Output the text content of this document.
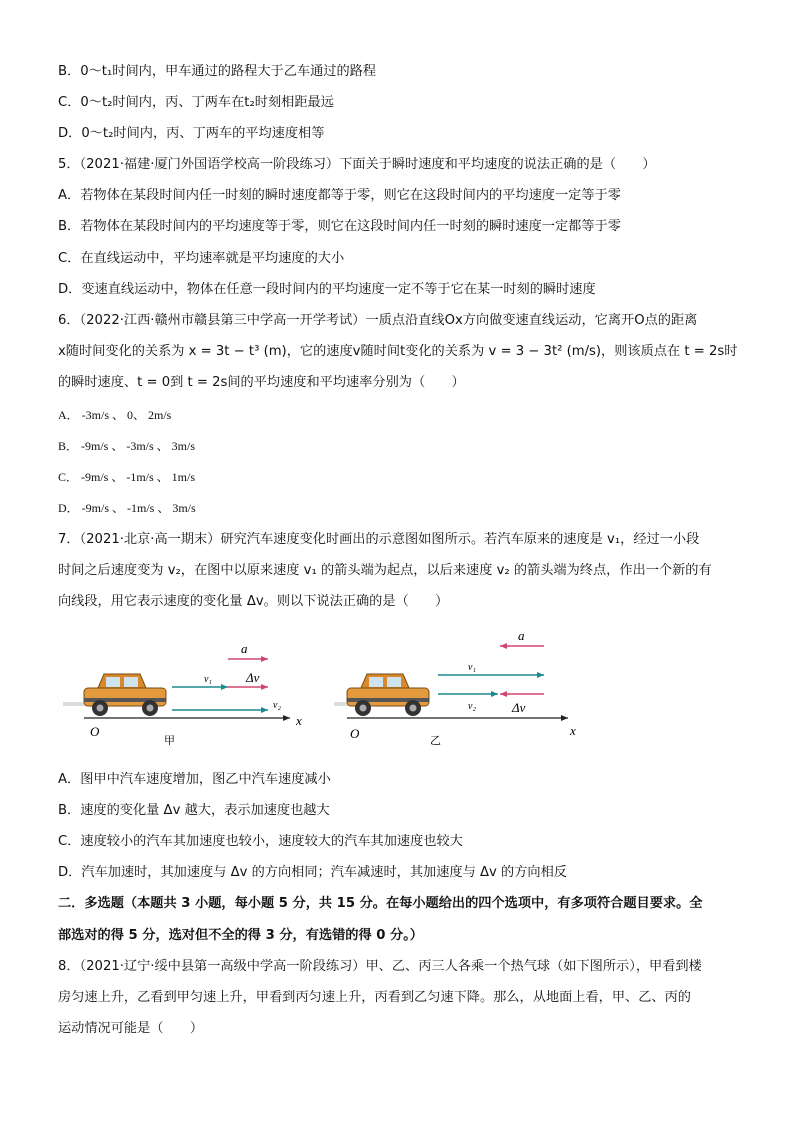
B．0～t₁时间内，甲车通过的路程大于乙车通过的路程
C．0～t₂时间内，丙、丁两车在t₂时刻相距最远
D．0～t₂时间内，丙、丁两车的平均速度相等
5．（2021·福建·厦门外国语学校高一阶段练习）下面关于瞬时速度和平均速度的说法正确的是（　　）
A．若物体在某段时间内任一时刻的瞬时速度都等于零，则它在这段时间内的平均速度一定等于零
B．若物体在某段时间内的平均速度等于零，则它在这段时间内任一时刻的瞬时速度一定都等于零
C．在直线运动中，平均速率就是平均速度的大小
D．变速直线运动中，物体在任意一段时间内的平均速度一定不等于它在某一时刻的瞬时速度
6．（2022·江西·赣州市赣县第三中学高一开学考试）一质点沿直线Ox方向做变速直线运动，它离开O点的距离
x随时间变化的关系为 x = 3t − t³ (m)，它的速度v随时间t变化的关系为 v = 3 − 3t² (m/s)，则该质点在 t = 2s时
的瞬时速度、t = 0到 t = 2s间的平均速度和平均速率分别为（　　）
A． -3m/s 、 0、 2m/s
B． -9m/s 、 -3m/s 、 3m/s
C． -9m/s 、 -1m/s 、 1m/s
D． -9m/s 、 -1m/s 、 3m/s
7．（2021·北京·高一期末）研究汽车速度变化时画出的示意图如图所示。若汽车原来的速度是 v₁，经过一小段
时间之后速度变为 v₂，在图中以原来速度 v₁ 的箭头端为起点，以后来速度 v₂ 的箭头端为终点，作出一个新的有
向线段，用它表示速度的变化量 Δv。则以下说法正确的是（　　）
x
O
甲
a
v₁	Δv
v₂
x
O	乙
a
v₁
v₂	Δv
A．图甲中汽车速度增加，图乙中汽车速度减小
B．速度的变化量 Δv 越大，表示加速度也越大
C．速度较小的汽车其加速度也较小，速度较大的汽车其加速度也较大
D．汽车加速时，其加速度与 Δv 的方向相同；汽车减速时，其加速度与 Δv 的方向相反
二．多选题（本题共 3 小题，每小题 5 分，共 15 分。在每小题给出的四个选项中，有多项符合题目要求。全
部选对的得 5 分，选对但不全的得 3 分，有选错的得 0 分。）
8．（2021·辽宁·绥中县第一高级中学高一阶段练习）甲、乙、丙三人各乘一个热气球（如下图所示），甲看到楼
房匀速上升，乙看到甲匀速上升，甲看到丙匀速上升，丙看到乙匀速下降。那么，从地面上看，甲、乙、丙的
运动情况可能是（　　）
